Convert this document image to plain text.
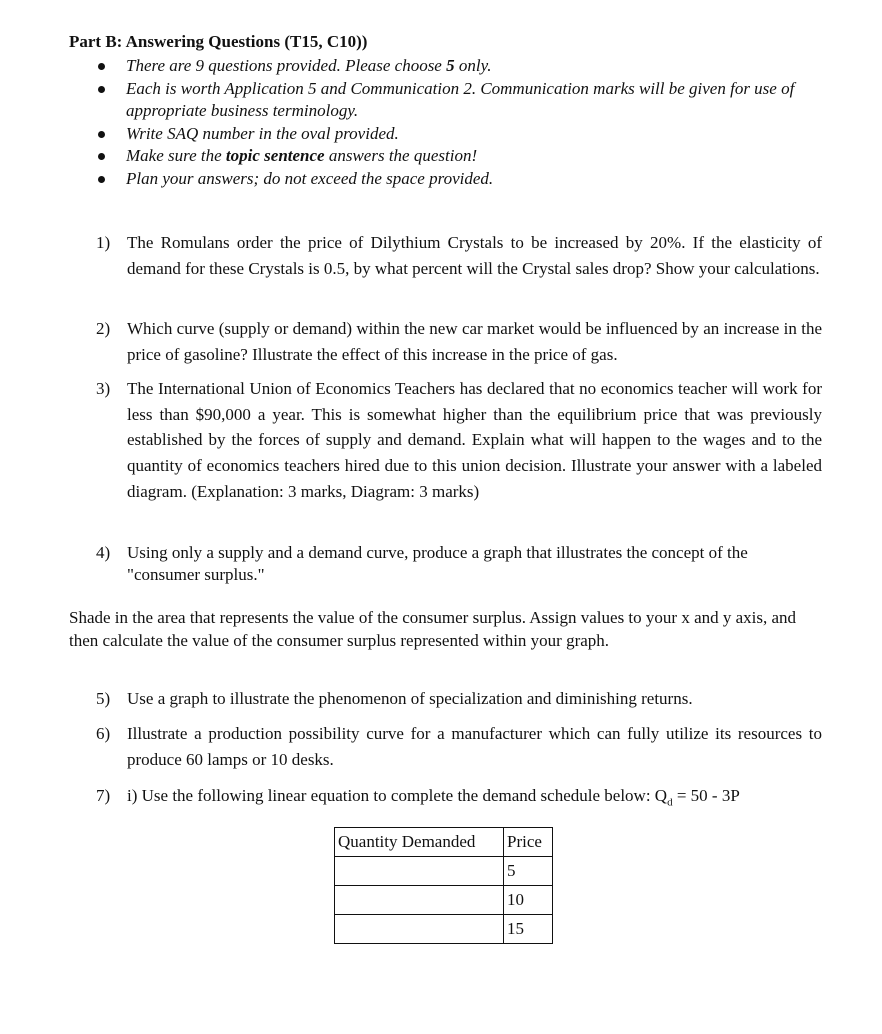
Part B: Answering Questions (T15, C10))
There are 9 questions provided. Please choose 5 only.
Each is worth Application 5 and Communication 2. Communication marks will be given for use of appropriate business terminology.
Write SAQ number in the oval provided.
Make sure the topic sentence answers the question!
Plan your answers; do not exceed the space provided.
1) The Romulans order the price of Dilythium Crystals to be increased by 20%. If the elasticity of demand for these Crystals is 0.5, by what percent will the Crystal sales drop? Show your calculations.
2) Which curve (supply or demand) within the new car market would be influenced by an increase in the price of gasoline? Illustrate the effect of this increase in the price of gas.
3) The International Union of Economics Teachers has declared that no economics teacher will work for less than $90,000 a year. This is somewhat higher than the equilibrium price that was previously established by the forces of supply and demand. Explain what will happen to the wages and to the quantity of economics teachers hired due to this union decision. Illustrate your answer with a labeled diagram. (Explanation: 3 marks, Diagram: 3 marks)
4) Using only a supply and a demand curve, produce a graph that illustrates the concept of the "consumer surplus."
Shade in the area that represents the value of the consumer surplus. Assign values to your x and y axis, and then calculate the value of the consumer surplus represented within your graph.
5) Use a graph to illustrate the phenomenon of specialization and diminishing returns.
6) Illustrate a production possibility curve for a manufacturer which can fully utilize its resources to produce 60 lamps or 10 desks.
7) i) Use the following linear equation to complete the demand schedule below: $Q_d = 50 - 3P$
Quantity Demanded	Price
	5
	10
	15
